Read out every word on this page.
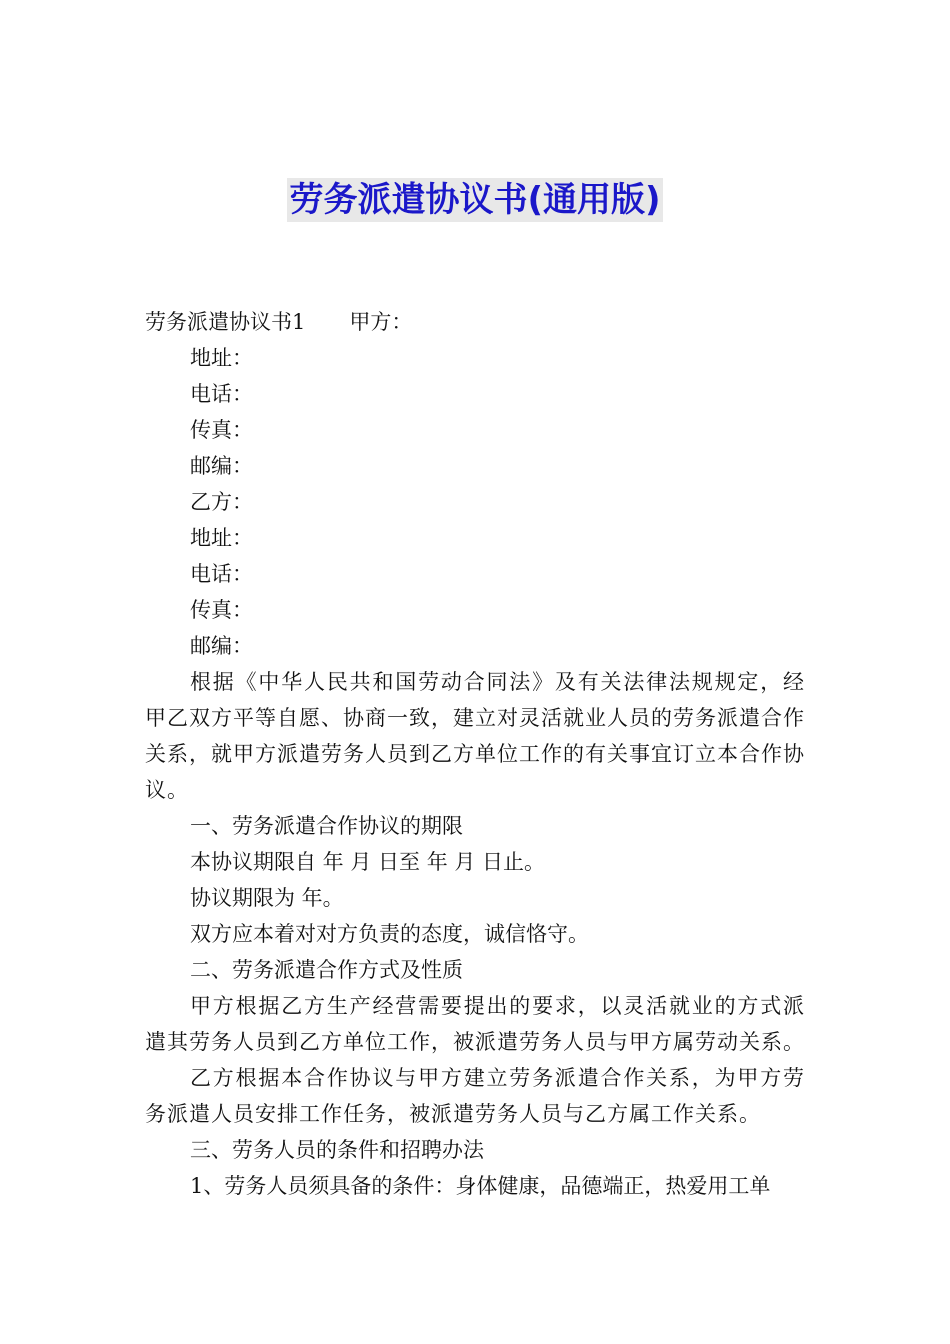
劳务派遣协议书(通用版)

劳务派遣协议书1 甲方：

地址：

电话：

传真：

邮编：

乙方：

地址：

电话：

传真：

邮编：

根据《中华人民共和国劳动合同法》及有关法律法规规定，经甲乙双方平等自愿、协商一致，建立对灵活就业人员的劳务派遣合作关系，就甲方派遣劳务人员到乙方单位工作的有关事宜订立本合作协议。

一、劳务派遣合作协议的期限

本协议期限自 年 月 日至 年 月 日止。

协议期限为 年。

双方应本着对对方负责的态度，诚信恪守。

二、劳务派遣合作方式及性质

甲方根据乙方生产经营需要提出的要求，以灵活就业的方式派遣其劳务人员到乙方单位工作，被派遣劳务人员与甲方属劳动关系。

乙方根据本合作协议与甲方建立劳务派遣合作关系，为甲方劳务派遣人员安排工作任务，被派遣劳务人员与乙方属工作关系。

三、劳务人员的条件和招聘办法

1、劳务人员须具备的条件：身体健康，品德端正，热爱用工单
